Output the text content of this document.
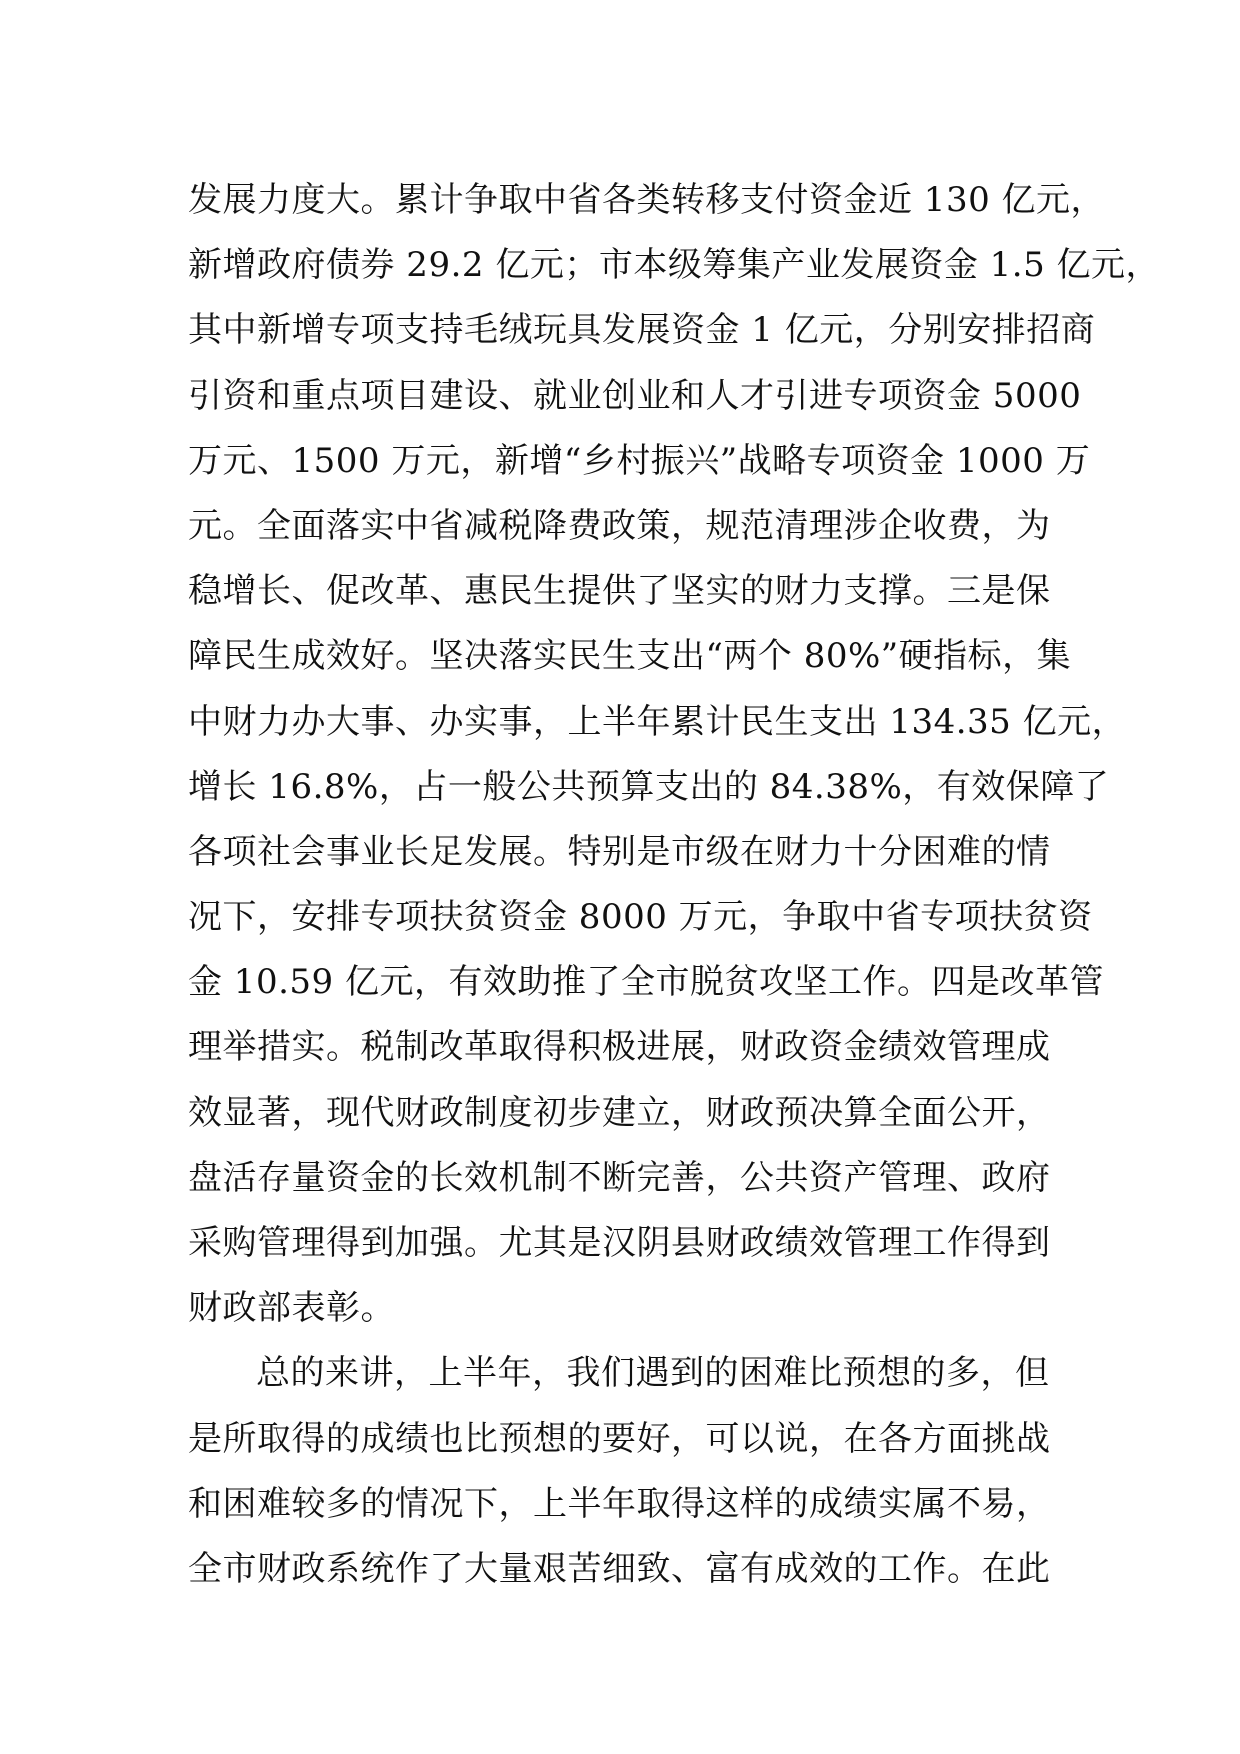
发展力度大。累计争取中省各类转移支付资金近 130 亿元，
新增政府债券 29.2 亿元；市本级筹集产业发展资金 1.5 亿元，
其中新增专项支持毛绒玩具发展资金 1 亿元，分别安排招商
引资和重点项目建设、就业创业和人才引进专项资金 5000
万元、1500 万元，新增“乡村振兴”战略专项资金 1000 万
元。全面落实中省减税降费政策，规范清理涉企收费，为
稳增长、促改革、惠民生提供了坚实的财力支撑。三是保
障民生成效好。坚决落实民生支出“两个 80%”硬指标，集
中财力办大事、办实事，上半年累计民生支出 134.35 亿元，
增长 16.8%，占一般公共预算支出的 84.38%，有效保障了
各项社会事业长足发展。特别是市级在财力十分困难的情
况下，安排专项扶贫资金 8000 万元，争取中省专项扶贫资
金 10.59 亿元，有效助推了全市脱贫攻坚工作。四是改革管
理举措实。税制改革取得积极进展，财政资金绩效管理成
效显著，现代财政制度初步建立，财政预决算全面公开，
盘活存量资金的长效机制不断完善，公共资产管理、政府
采购管理得到加强。尤其是汉阴县财政绩效管理工作得到
财政部表彰。
总的来讲，上半年，我们遇到的困难比预想的多，但
是所取得的成绩也比预想的要好，可以说，在各方面挑战
和困难较多的情况下，上半年取得这样的成绩实属不易，
全市财政系统作了大量艰苦细致、富有成效的工作。在此
